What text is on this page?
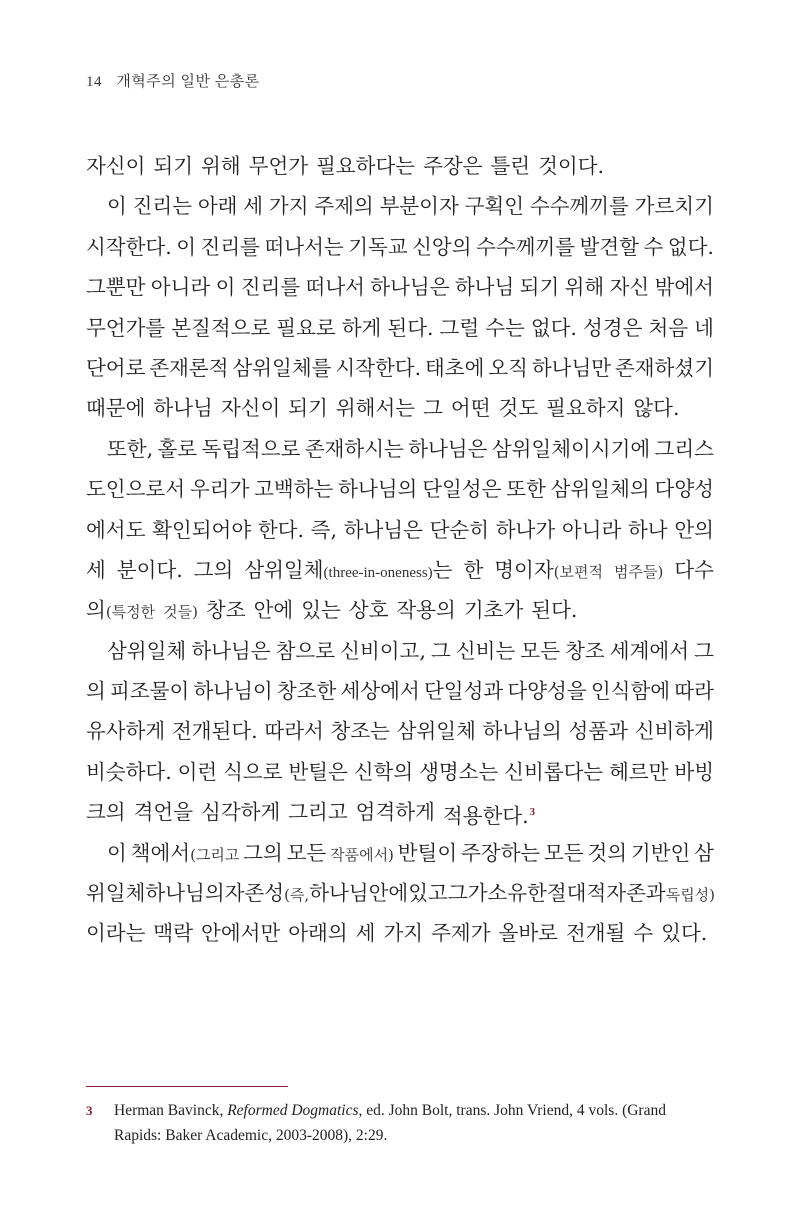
14 개혁주의 일반 은총론
자신이 되기 위해 무언가 필요하다는 주장은 틀린 것이다.
이 진리는 아래 세 가지 주제의 부분이자 구획인 수수께끼를 가르치기
시작한다. 이 진리를 떠나서는 기독교 신앙의 수수께끼를 발견할 수 없다.
그뿐만 아니라 이 진리를 떠나서 하나님은 하나님 되기 위해 자신 밖에서
무언가를 본질적으로 필요로 하게 된다. 그럴 수는 없다. 성경은 처음 네
단어로 존재론적 삼위일체를 시작한다. 태초에 오직 하나님만 존재하셨기
때문에 하나님 자신이 되기 위해서는 그 어떤 것도 필요하지 않다.
또한, 홀로 독립적으로 존재하시는 하나님은 삼위일체이시기에 그리스
도인으로서 우리가 고백하는 하나님의 단일성은 또한 삼위일체의 다양성
에서도 확인되어야 한다. 즉, 하나님은 단순히 하나가 아니라 하나 안의
세 분이다. 그의 삼위일체(three-in-oneness)는 한 명이자(보편적 범주들) 다수
의(특정한 것들) 창조 안에 있는 상호 작용의 기초가 된다.
삼위일체 하나님은 참으로 신비이고, 그 신비는 모든 창조 세계에서 그
의 피조물이 하나님이 창조한 세상에서 단일성과 다양성을 인식함에 따라
유사하게 전개된다. 따라서 창조는 삼위일체 하나님의 성품과 신비하게
비슷하다. 이런 식으로 반틸은 신학의 생명소는 신비롭다는 헤르만 바빙
크의 격언을 심각하게 그리고 엄격하게 적용한다.$^3$
이 책에서(그리고 그의 모든 작품에서) 반틸이 주장하는 모든 것의 기반인 삼
위일체 하나님의 자존성(즉, 하나님 안에 있고 그가 소유한 절대적 자존과 독립성)
이라는 맥락 안에서만 아래의 세 가지 주제가 올바로 전개될 수 있다.
3 Herman Bavinck, Reformed Dogmatics, ed. John Bolt, trans. John Vriend, 4 vols. (Grand
Rapids: Baker Academic, 2003-2008), 2:29.
